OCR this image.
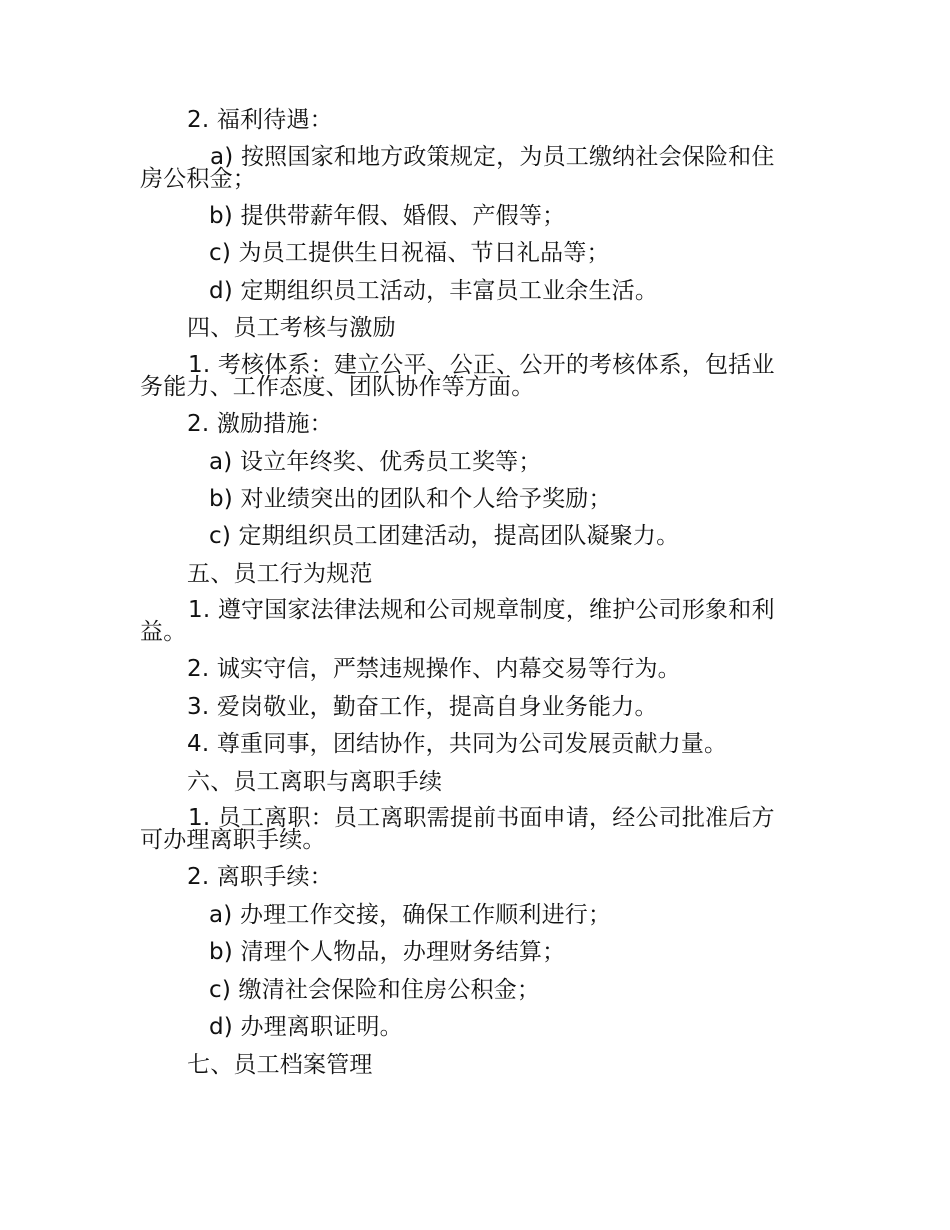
2. 福利待遇：
a) 按照国家和地方政策规定，为员工缴纳社会保险和住
房公积金；
b) 提供带薪年假、婚假、产假等；
c) 为员工提供生日祝福、节日礼品等；
d) 定期组织员工活动，丰富员工业余生活。
四、员工考核与激励
1. 考核体系：建立公平、公正、公开的考核体系，包括业
务能力、工作态度、团队协作等方面。
2. 激励措施：
a) 设立年终奖、优秀员工奖等；
b) 对业绩突出的团队和个人给予奖励；
c) 定期组织员工团建活动，提高团队凝聚力。
五、员工行为规范
1. 遵守国家法律法规和公司规章制度，维护公司形象和利
益。
2. 诚实守信，严禁违规操作、内幕交易等行为。
3. 爱岗敬业，勤奋工作，提高自身业务能力。
4. 尊重同事，团结协作，共同为公司发展贡献力量。
六、员工离职与离职手续
1. 员工离职：员工离职需提前书面申请，经公司批准后方
可办理离职手续。
2. 离职手续：
a) 办理工作交接，确保工作顺利进行；
b) 清理个人物品，办理财务结算；
c) 缴清社会保险和住房公积金；
d) 办理离职证明。
七、员工档案管理
